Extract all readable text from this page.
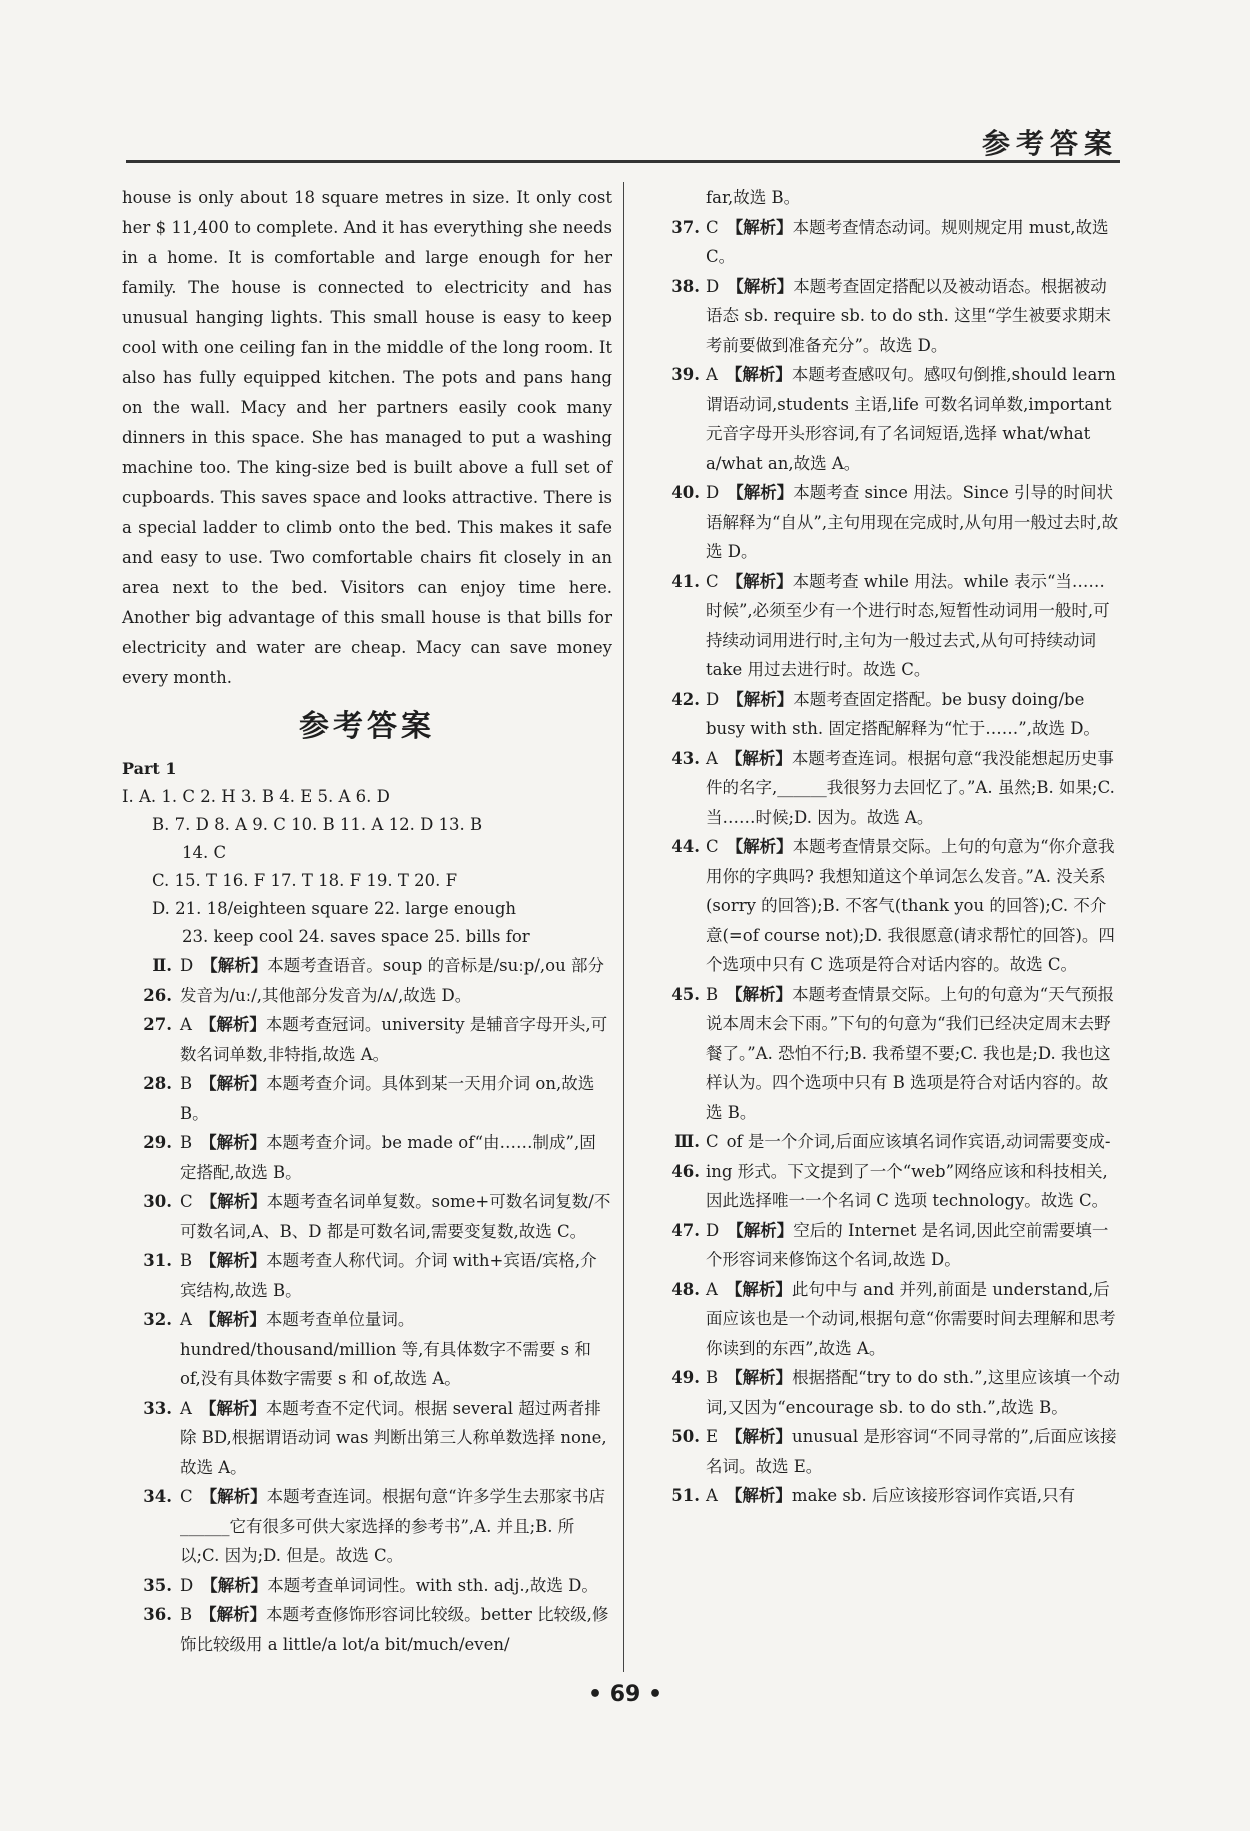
参考答案
house is only about 18 square metres in size. It only cost her $ 11,400 to complete. And it has everything she needs in a home. It is comfortable and large enough for her family. The house is connected to electricity and has unusual hanging lights. This small house is easy to keep cool with one ceiling fan in the middle of the long room. It also has fully equipped kitchen. The pots and pans hang on the wall. Macy and her partners easily cook many dinners in this space. She has managed to put a washing machine too. The king-size bed is built above a full set of cupboards. This saves space and looks attractive. There is a special ladder to climb onto the bed. This makes it safe and easy to use. Two comfortable chairs fit closely in an area next to the bed. Visitors can enjoy time here. Another big advantage of this small house is that bills for electricity and water are cheap. Macy can save money every month.
参考答案
Part 1
Ⅰ. A. 1. C 2. H 3. B 4. E 5. A 6. D
B. 7. D 8. A 9. C 10. B 11. A 12. D 13. B
14. C
C. 15. T 16. F 17. T 18. F 19. T 20. F
D. 21. 18/eighteen square 22. large enough
23. keep cool 24. saves space 25. bills for
Ⅱ. 26.
D 【解析】本题考查语音。soup 的音标是/suːp/,ou 部分发音为/uː/,其他部分发音为/ʌ/,故选 D。
27. A 【解析】本题考查冠词。university 是辅音字母开头,可数名词单数,非特指,故选 A。
28. B 【解析】本题考查介词。具体到某一天用介词 on,故选 B。
29. B 【解析】本题考查介词。be made of“由……制成”,固定搭配,故选 B。
30. C 【解析】本题考查名词单复数。some+可数名词复数/不可数名词,A、B、D 都是可数名词,需要变复数,故选 C。
31. B 【解析】本题考查人称代词。介词 with+宾语/宾格,介宾结构,故选 B。
32. A 【解析】本题考查单位量词。hundred/thousand/million 等,有具体数字不需要 s 和 of,没有具体数字需要 s 和 of,故选 A。
33. A 【解析】本题考查不定代词。根据 several 超过两者排除 BD,根据谓语动词 was 判断出第三人称单数选择 none,故选 A。
34. C 【解析】本题考查连词。根据句意“许多学生去那家书店______它有很多可供大家选择的参考书”,A. 并且;B. 所以;C. 因为;D. 但是。故选 C。
35. D 【解析】本题考查单词词性。with sth. adj.,故选 D。
36. B 【解析】本题考查修饰形容词比较级。better 比较级,修饰比较级用 a little/a lot/a bit/much/even/
far,故选 B。
37. C 【解析】本题考查情态动词。规则规定用 must,故选 C。
38. D 【解析】本题考查固定搭配以及被动语态。根据被动语态 sb. require sb. to do sth. 这里“学生被要求期末考前要做到准备充分”。故选 D。
39. A 【解析】本题考查感叹句。感叹句倒推,should learn 谓语动词,students 主语,life 可数名词单数,important 元音字母开头形容词,有了名词短语,选择 what/what a/what an,故选 A。
40. D 【解析】本题考查 since 用法。Since 引导的时间状语解释为“自从”,主句用现在完成时,从句用一般过去时,故选 D。
41. C 【解析】本题考查 while 用法。while 表示“当……时候”,必须至少有一个进行时态,短暂性动词用一般时,可持续动词用进行时,主句为一般过去式,从句可持续动词 take 用过去进行时。故选 C。
42. D 【解析】本题考查固定搭配。be busy doing/be busy with sth. 固定搭配解释为“忙于……”,故选 D。
43. A 【解析】本题考查连词。根据句意“我没能想起历史事件的名字,______我很努力去回忆了。”A. 虽然;B. 如果;C. 当……时候;D. 因为。故选 A。
44. C 【解析】本题考查情景交际。上句的句意为“你介意我用你的字典吗? 我想知道这个单词怎么发音。”A. 没关系(sorry 的回答);B. 不客气(thank you 的回答);C. 不介意(=of course not);D. 我很愿意(请求帮忙的回答)。四个选项中只有 C 选项是符合对话内容的。故选 C。
45. B 【解析】本题考查情景交际。上句的句意为“天气预报说本周末会下雨。”下句的句意为“我们已经决定周末去野餐了。”A. 恐怕不行;B. 我希望不要;C. 我也是;D. 我也这样认为。四个选项中只有 B 选项是符合对话内容的。故选 B。
Ⅲ. 46.
C of 是一个介词,后面应该填名词作宾语,动词需要变成-ing 形式。下文提到了一个“web”网络应该和科技相关,因此选择唯一一个名词 C 选项 technology。故选 C。
47. D 【解析】空后的 Internet 是名词,因此空前需要填一个形容词来修饰这个名词,故选 D。
48. A 【解析】此句中与 and 并列,前面是 understand,后面应该也是一个动词,根据句意“你需要时间去理解和思考你读到的东西”,故选 A。
49. B 【解析】根据搭配“try to do sth.”,这里应该填一个动词,又因为“encourage sb. to do sth.”,故选 B。
50. E 【解析】unusual 是形容词“不同寻常的”,后面应该接名词。故选 E。
51. A 【解析】make sb. 后应该接形容词作宾语,只有
• 69 •
